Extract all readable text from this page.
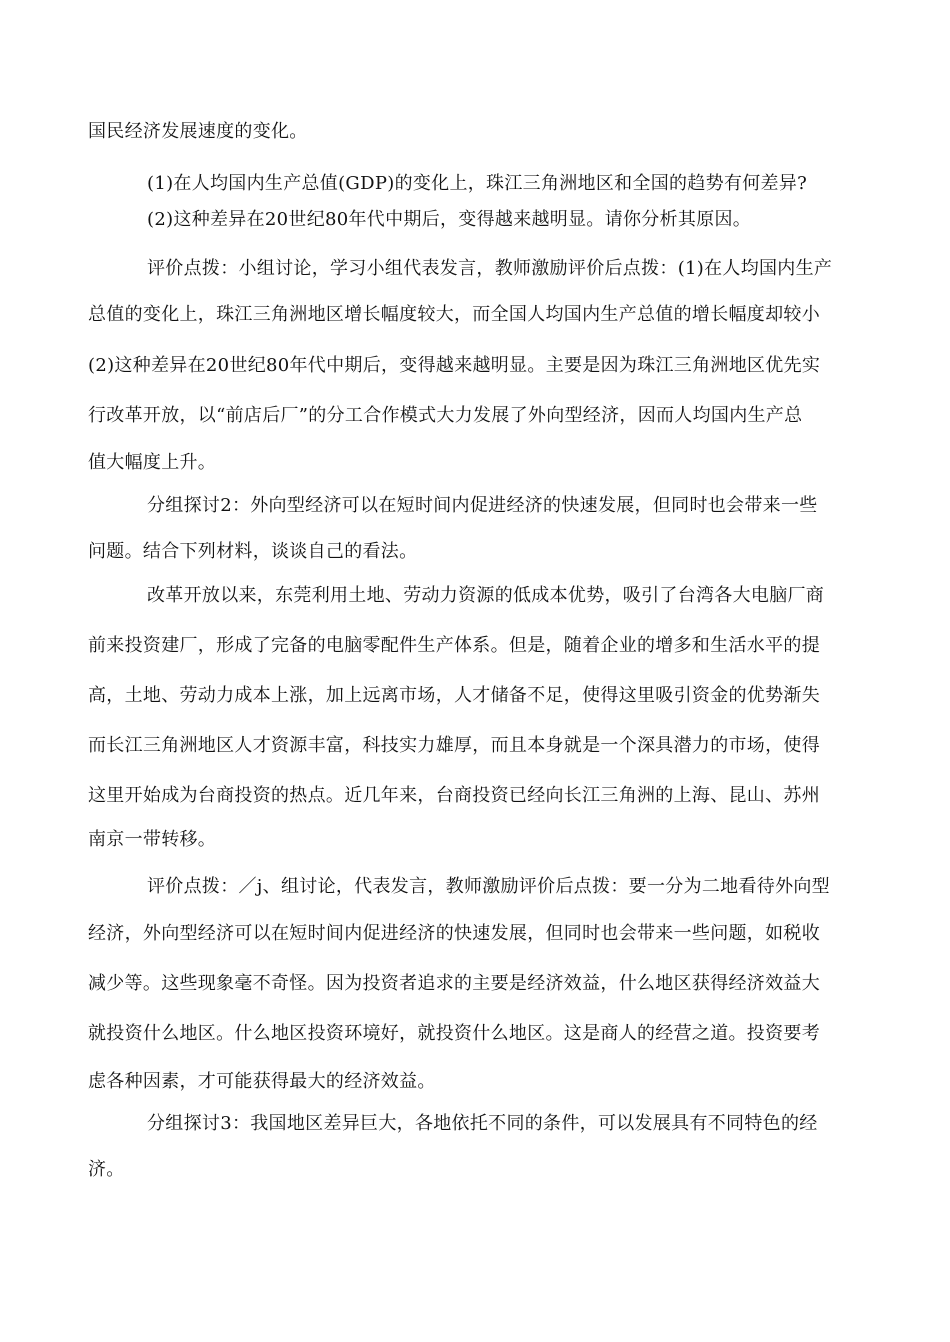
国民经济发展速度的变化。
(1)在人均国内生产总值(GDP)的变化上，珠江三角洲地区和全国的趋势有何差异?
(2)这种差异在20世纪80年代中期后，变得越来越明显。请你分析其原因。
评价点拨：小组讨论，学习小组代表发言，教师激励评价后点拨：(1)在人均国内生产
总值的变化上，珠江三角洲地区增长幅度较大，而全国人均国内生产总值的增长幅度却较小
(2)这种差异在20世纪80年代中期后，变得越来越明显。主要是因为珠江三角洲地区优先实
行改革开放，以“前店后厂”的分工合作模式大力发展了外向型经济，因而人均国内生产总
值大幅度上升。
分组探讨2：外向型经济可以在短时间内促进经济的快速发展，但同时也会带来一些
问题。结合下列材料，谈谈自己的看法。
改革开放以来，东莞利用土地、劳动力资源的低成本优势，吸引了台湾各大电脑厂商
前来投资建厂，形成了完备的电脑零配件生产体系。但是，随着企业的增多和生活水平的提
高，土地、劳动力成本上涨，加上远离市场，人才储备不足，使得这里吸引资金的优势渐失
而长江三角洲地区人才资源丰富，科技实力雄厚，而且本身就是一个深具潜力的市场，使得
这里开始成为台商投资的热点。近几年来，台商投资已经向长江三角洲的上海、昆山、苏州
南京一带转移。
评价点拨：／j、组讨论，代表发言，教师激励评价后点拨：要一分为二地看待外向型
经济，外向型经济可以在短时间内促进经济的快速发展，但同时也会带来一些问题，如税收
减少等。这些现象毫不奇怪。因为投资者追求的主要是经济效益，什么地区获得经济效益大
就投资什么地区。什么地区投资环境好，就投资什么地区。这是商人的经营之道。投资要考
虑各种因素，才可能获得最大的经济效益。
分组探讨3：我国地区差异巨大，各地依托不同的条件，可以发展具有不同特色的经
济。
